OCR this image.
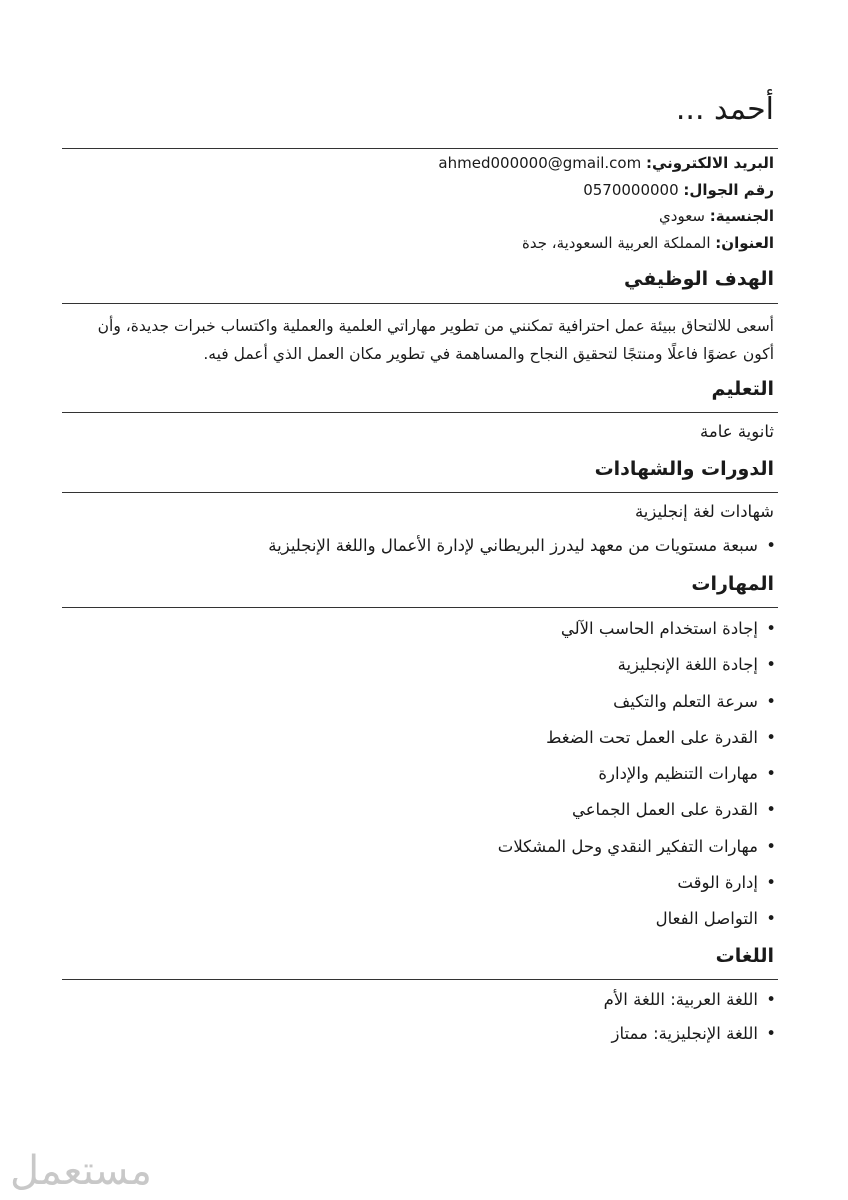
أحمد ...
البريد الالكتروني: ahmed000000@gmail.com
رقم الجوال: 0570000000
الجنسية: سعودي
العنوان: المملكة العربية السعودية، جدة
الهدف الوظيفي

أسعى للالتحاق ببيئة عمل احترافية تمكنني من تطوير مهاراتي العلمية والعملية واكتساب خبرات جديدة، وأن أكون عضوًا فاعلًا ومنتجًا لتحقيق النجاح والمساهمة في تطوير مكان العمل الذي أعمل فيه.

التعليم

ثانوية عامة

الدورات والشهادات

شهادات لغة إنجليزية

• سبعة مستويات من معهد ليدرز البريطاني لإدارة الأعمال واللغة الإنجليزية
المهارات
• إجادة استخدام الحاسب الآلي
• إجادة اللغة الإنجليزية
• سرعة التعلم والتكيف
• القدرة على العمل تحت الضغط
• مهارات التنظيم والإدارة
• القدرة على العمل الجماعي
• مهارات التفكير النقدي وحل المشكلات
• إدارة الوقت
• التواصل الفعال
اللغات
• اللغة العربية: اللغة الأم
• اللغة الإنجليزية: ممتاز
مستعمل
